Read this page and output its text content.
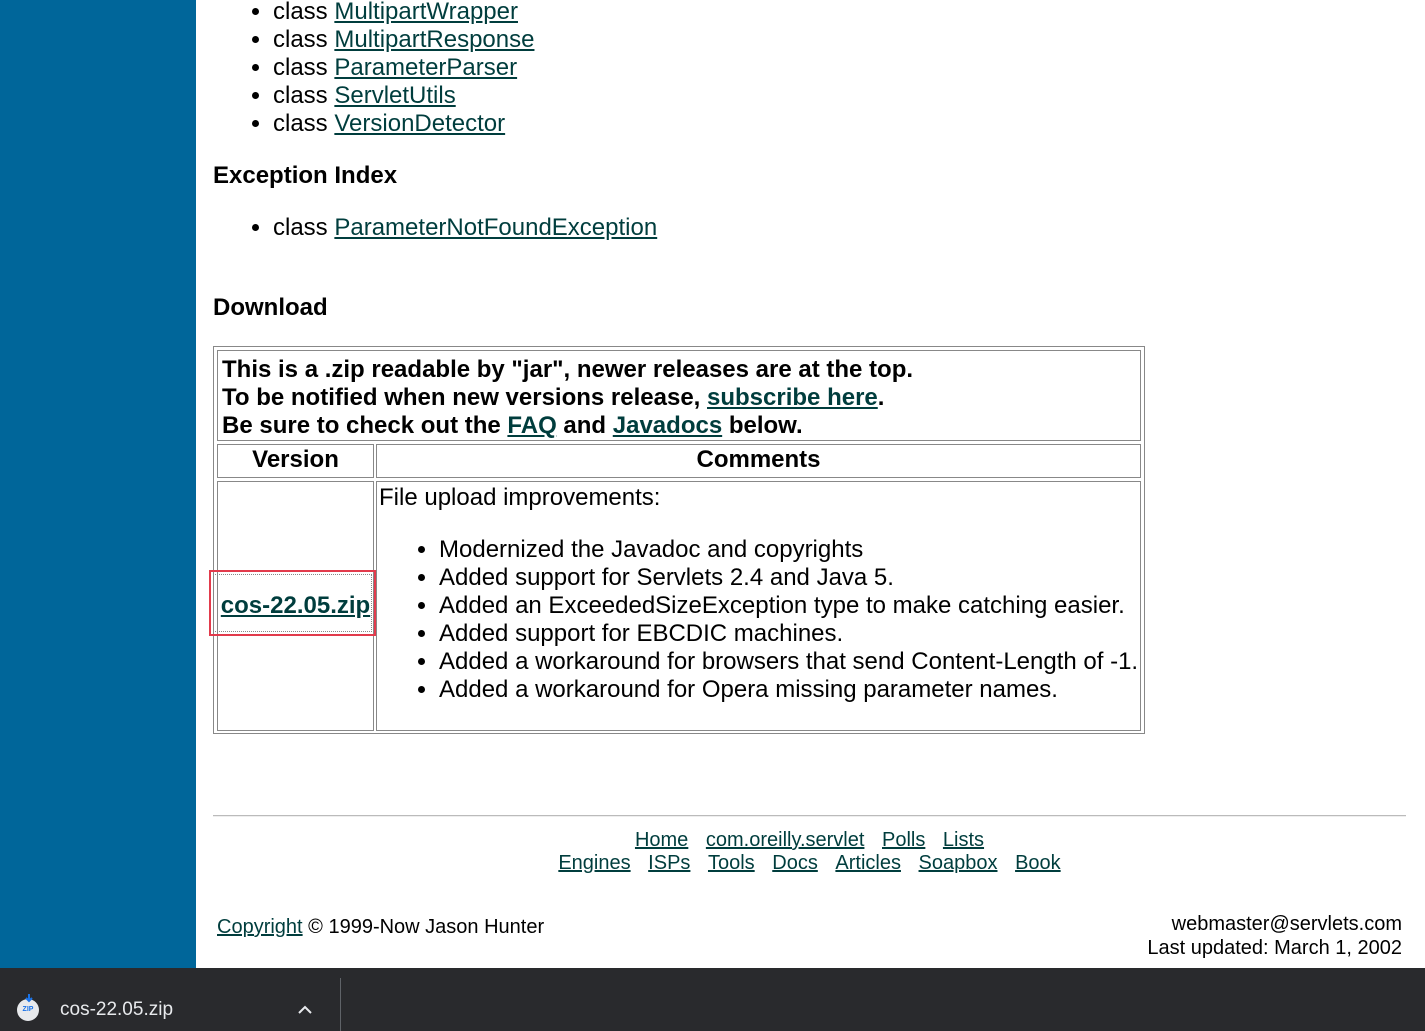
• class MultipartWrapper
• class MultipartResponse
• class ParameterParser
• class ServletUtils
• class VersionDetector
Exception Index
• class ParameterNotFoundException
Download
This is a .zip readable by "jar", newer releases are at the top.
To be notified when new versions release, subscribe here.
Be sure to check out the FAQ and Javadocs below.
Version	Comments
cos-22.05.zip
File upload improvements:
• Modernized the Javadoc and copyrights
• Added support for Servlets 2.4 and Java 5.
• Added an ExceededSizeException type to make catching easier.
• Added support for EBCDIC machines.
• Added a workaround for browsers that send Content-Length of -1.
• Added a workaround for Opera missing parameter names.
Home com.oreilly.servlet Polls Lists
Engines ISPs Tools Docs Articles Soapbox Book
Copyright © 1999-Now Jason Hunter	webmaster@servlets.com
Last updated: March 1, 2002
ZIP cos-22.05.zip
